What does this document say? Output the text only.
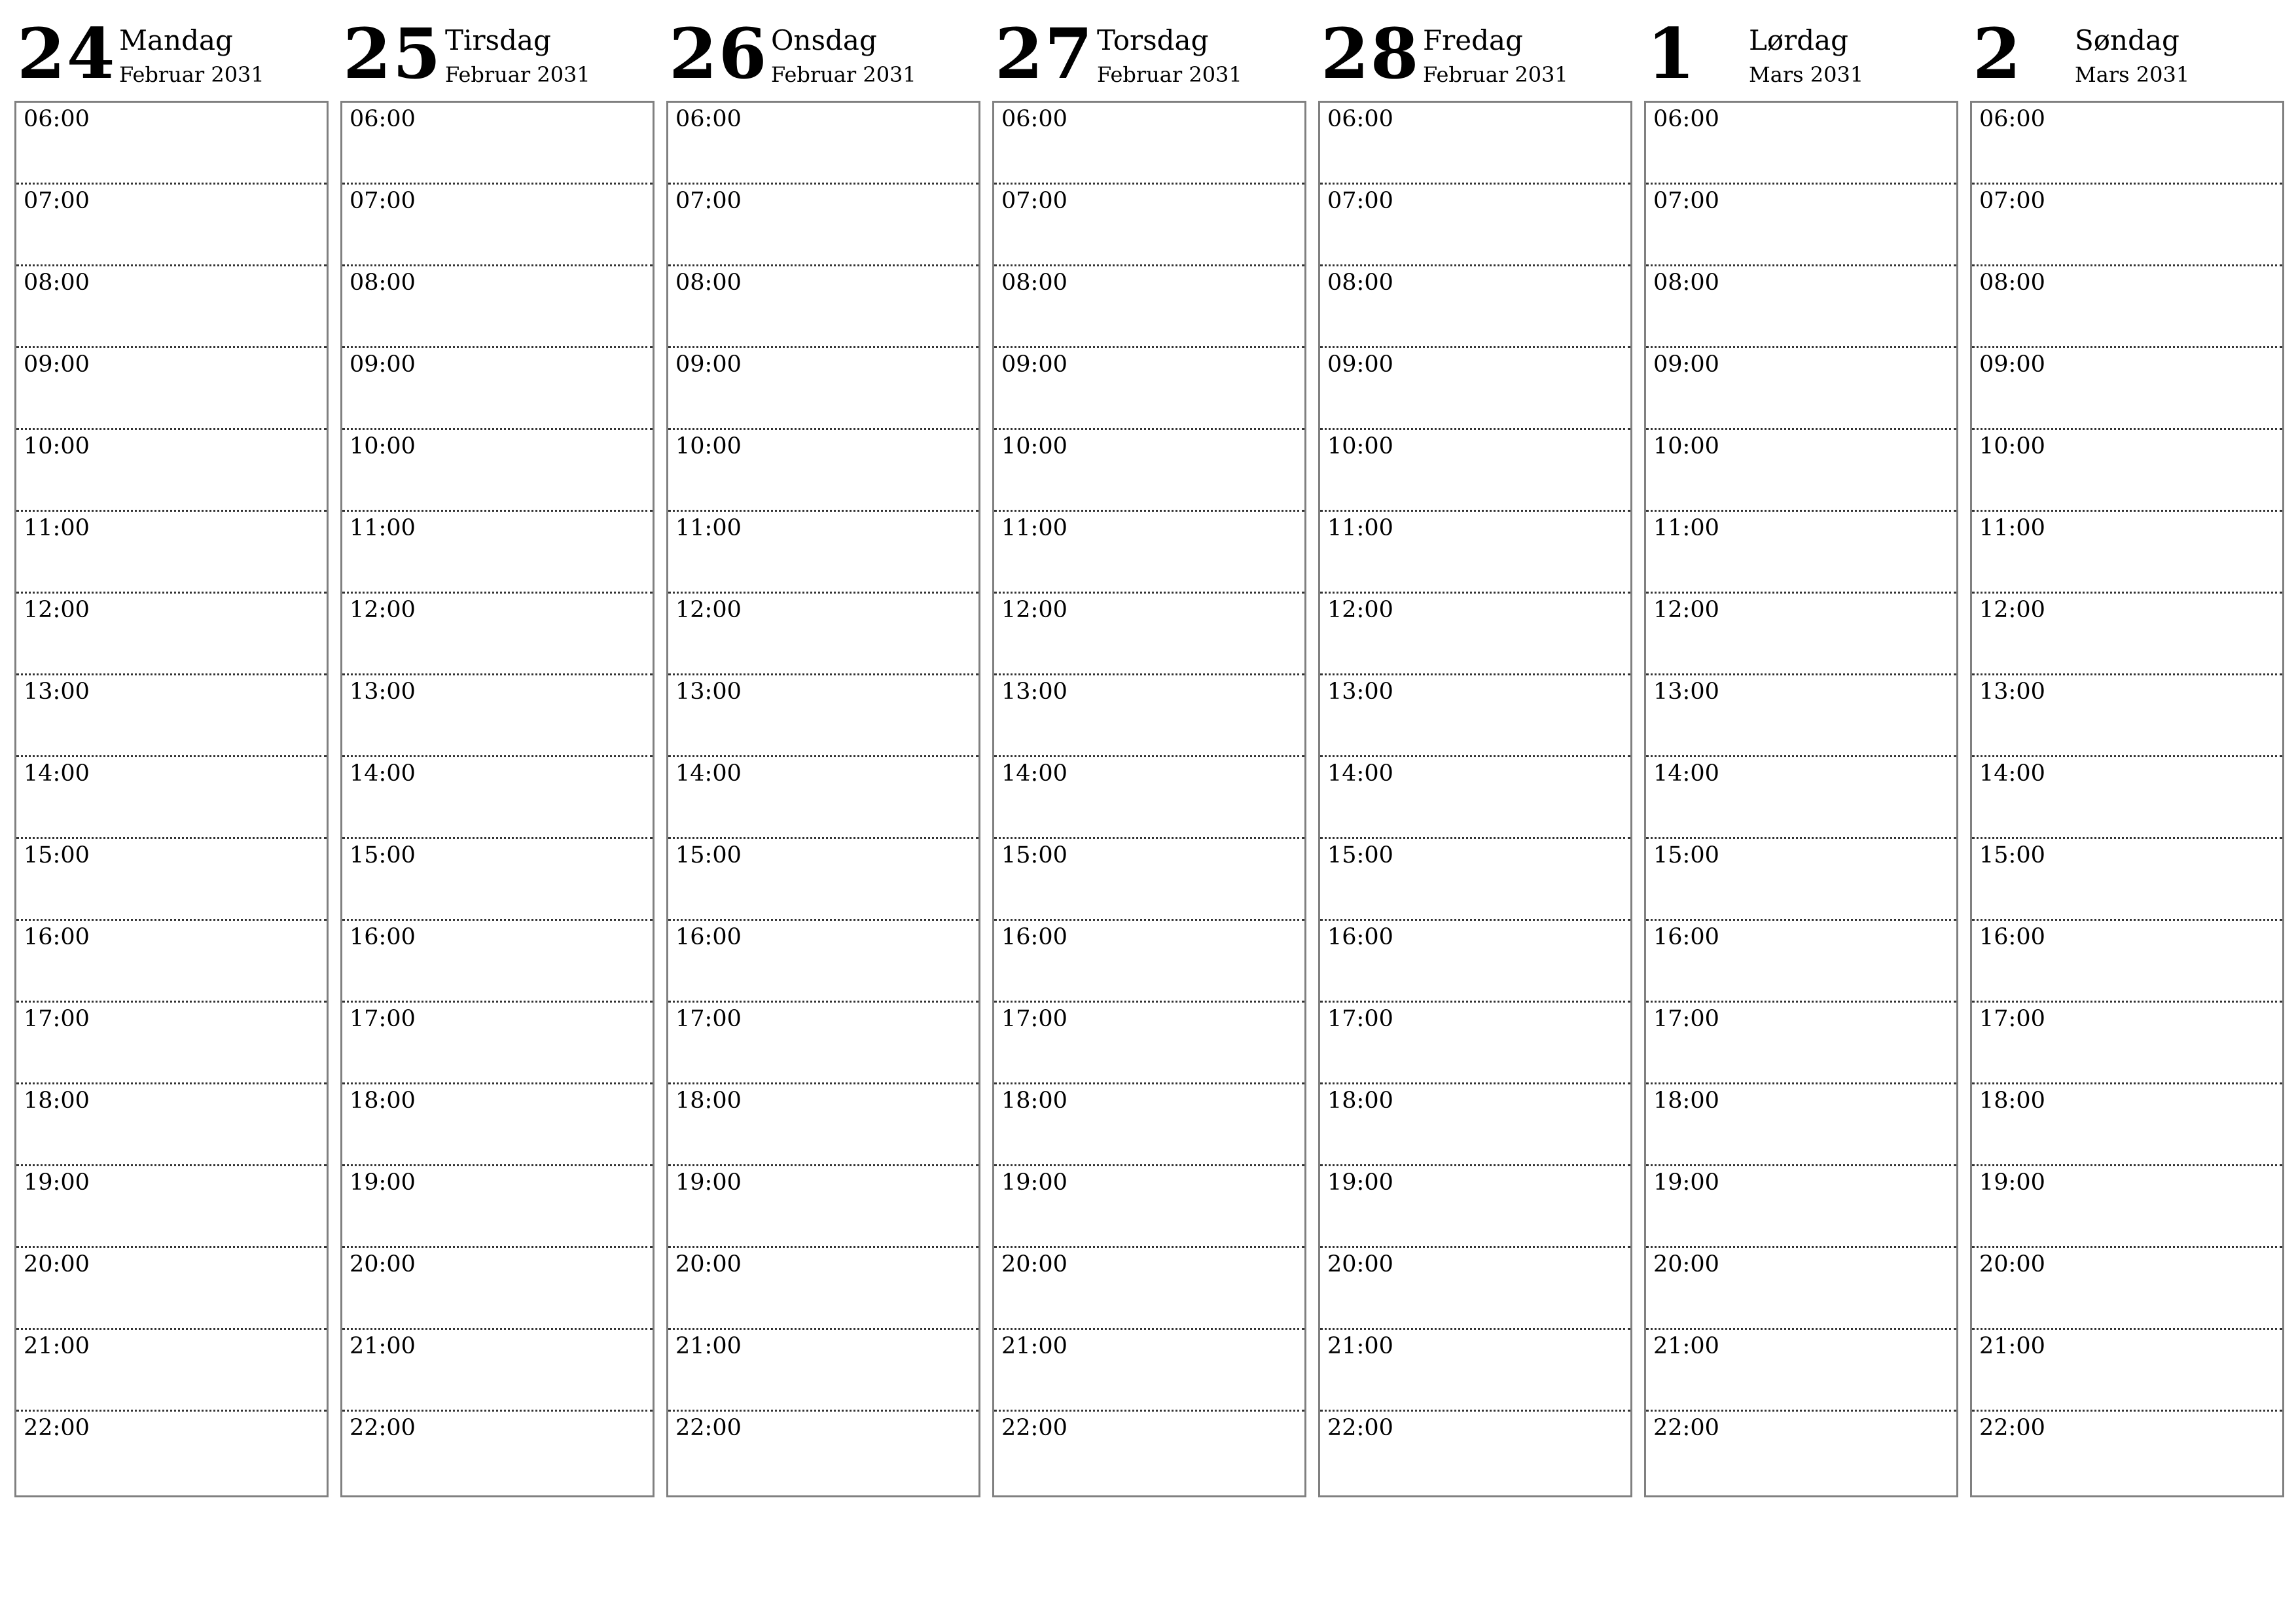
24 Mandag
Februar 2031
06:00
07:00
08:00
09:00
10:00
11:00
12:00
13:00
14:00
15:00
16:00
17:00
18:00
19:00
20:00
21:00
22:00
25 Tirsdag
Februar 2031
06:00
07:00
08:00
09:00
10:00
11:00
12:00
13:00
14:00
15:00
16:00
17:00
18:00
19:00
20:00
21:00
22:00
26 Onsdag
Februar 2031
06:00
07:00
08:00
09:00
10:00
11:00
12:00
13:00
14:00
15:00
16:00
17:00
18:00
19:00
20:00
21:00
22:00
27 Torsdag
Februar 2031
06:00
07:00
08:00
09:00
10:00
11:00
12:00
13:00
14:00
15:00
16:00
17:00
18:00
19:00
20:00
21:00
22:00
28 Fredag
Februar 2031
06:00
07:00
08:00
09:00
10:00
11:00
12:00
13:00
14:00
15:00
16:00
17:00
18:00
19:00
20:00
21:00
22:00
1 Lørdag
Mars 2031
06:00
07:00
08:00
09:00
10:00
11:00
12:00
13:00
14:00
15:00
16:00
17:00
18:00
19:00
20:00
21:00
22:00
2 Søndag
Mars 2031
06:00
07:00
08:00
09:00
10:00
11:00
12:00
13:00
14:00
15:00
16:00
17:00
18:00
19:00
20:00
21:00
22:00
